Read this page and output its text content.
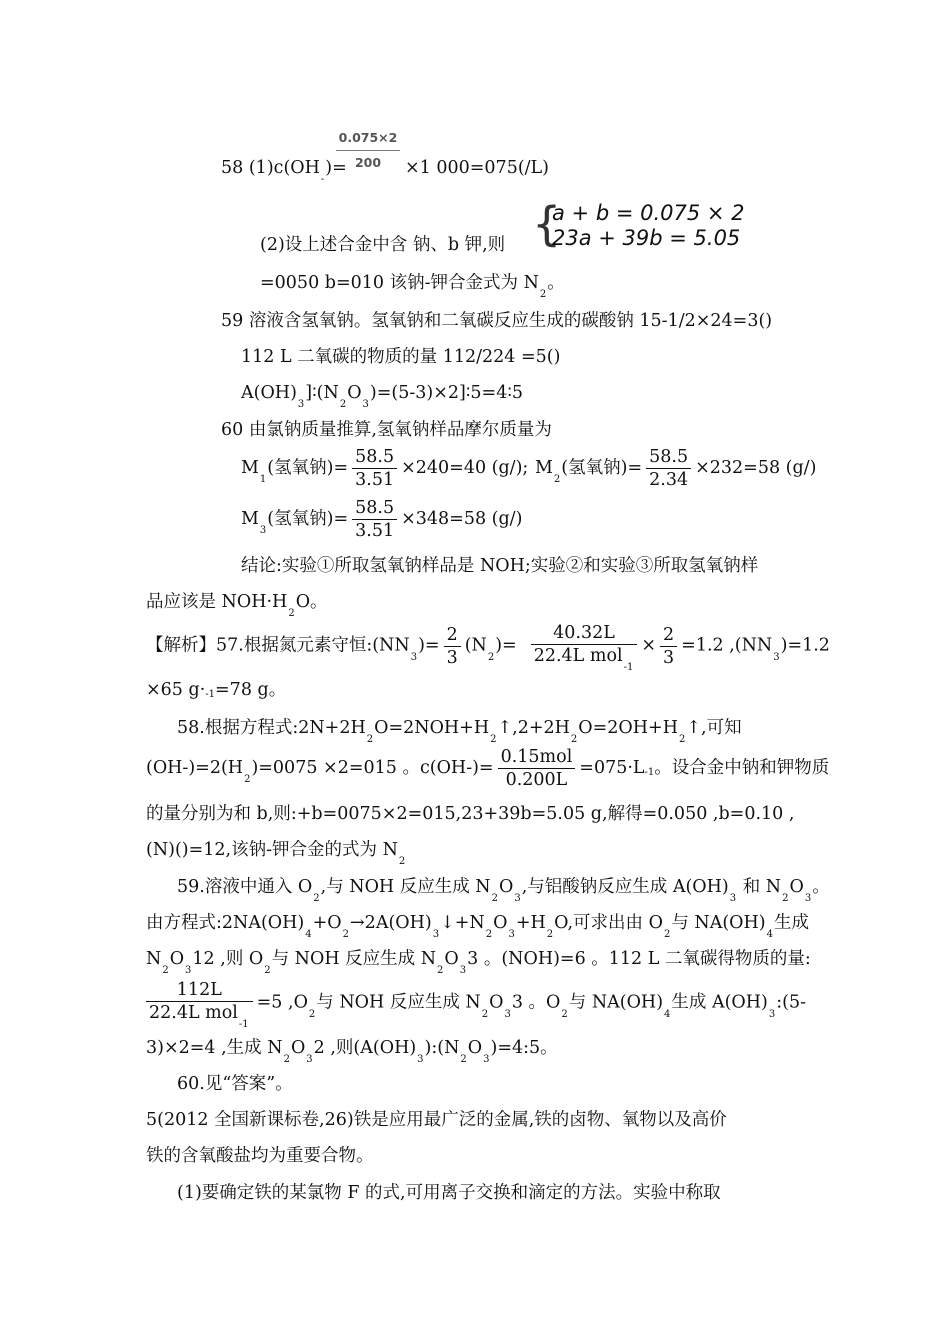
58 $(1)c(OH_-)=$
0.075×2
200	×1 000=075(/L)
(2)设上述合金中含 钠、b 钾,则 {
a + b = 0.075 × 2
23a + 39b = 5.05
=0050 b=010 该钠-钾合金式为 $N_2$。
59 溶液含氢氧钠。氢氧钠和二氧碳反应生成的碳酸钠 15-1/2×24=3()
112 L 二氧碳的物质的量 112/224 =5()
$A(OH)_3]∶(N_2O_3)=(5-3)\times 2]∶5=4∶5$
60 由氯钠质量推算,氢氧钠样品摩尔质量为
$M_1$(氢氧钠)= $\frac{58.5}{3.51} \times 240=40$ (g/); $M_2$(氢氧钠)= $\frac{58.5}{2.34} \times 232=58$ (g/)
$M_3$(氢氧钠)= $\frac{58.5}{3.51} \times 348=58$ (g/)
结论:实验①所取氢氧钠样品是 NOH;实验②和实验③所取氢氧钠样
品应该是 $NOH\cdot H_2O$。
【解析】57.根据氮元素守恒$:(NN_3)= \frac{2}{3} (N_2)= \frac{40.32L}{22.4L mol_{-1}} \times \frac{2}{3} =1.2$ $,(NN_3)=1.2$
×65 g·-1=78 g。
58.根据方程式$:2N+2H_2O=2NOH+H_2↑,2+2H_2O=2OH+H_2↑$,可知
$(OH-)=2(H_2)=0075 \times 2=015$ 。$c(OH-)= \frac{\text{0.15mol}}{0.200L} =075\cdot L-1$。设合金中钠和钾物质
的量分别为和 b,则:+b=0075×2=015,23+39b=5.05 g,解得=0.050 ,b=0.10 ,
(N)()=12,该钠-钾合金的式为 $N_2$
59.溶液中通入 $O_2$,与 NOH 反应生成 $N_2O_3$,与铝酸钠反应生成 $A(OH)_3$ 和 $N_2O_3$。
由方程式$:2NA(OH)_4+O_2\to 2A(OH)_3↓+N_2O_3+H_2O$,可求出由 $O_2$与 $NA(OH)_4$生成
$N_2O_312$ ,则 $O_2$与 NOH 反应生成 $N_2O_33$ 。(NOH)=6 。112 L 二氧碳得物质的量:
$\frac{112L}{22.4L mol_{-1}} =5$ $,O_2$与 NOH 反应生成 $N_2O_33$ 。$O_2$与 $NA(OH)_4$生成 $A(OH)_3:(5-$
3)×2=4 ,生成 $N_2O_32$ ,则$(A(OH)_3):(N_2O_3)=4:5$。
60.见“答案”。
5(2012 全国新课标卷,26)铁是应用最广泛的金属,铁的卤物、氧物以及高价
铁的含氧酸盐均为重要合物。
(1)要确定铁的某氯物 F 的式,可用离子交换和滴定的方法。实验中称取
